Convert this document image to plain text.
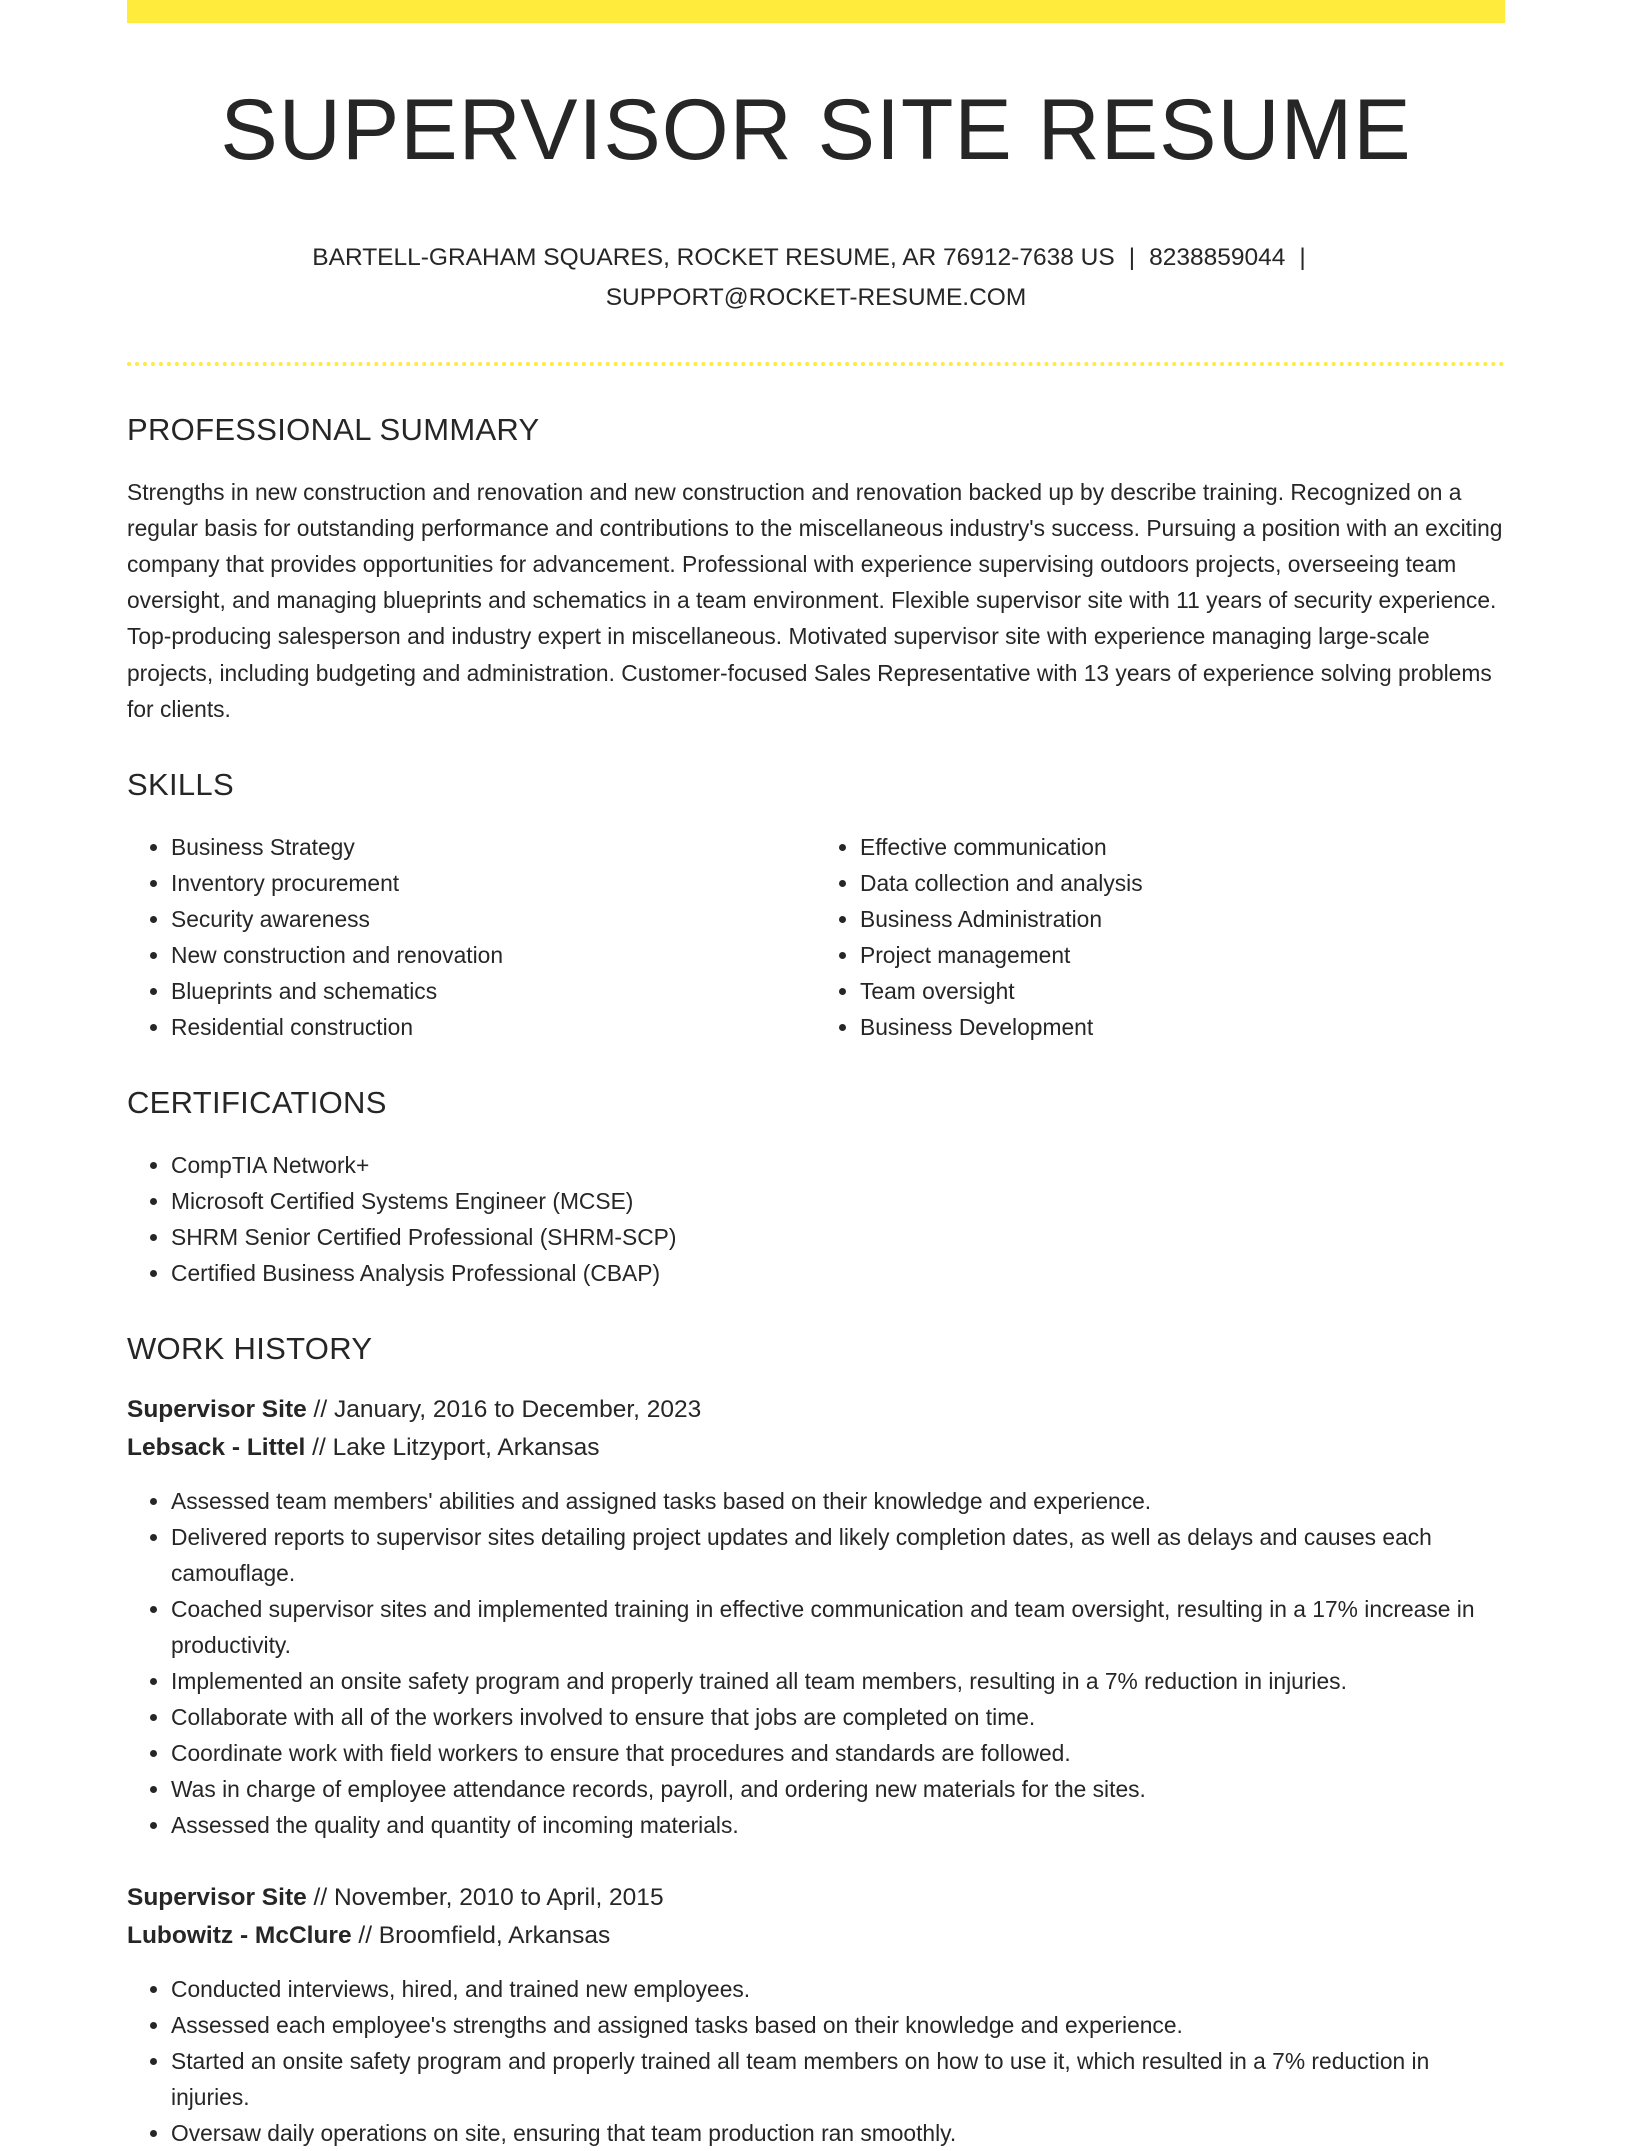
SUPERVISOR SITE RESUME
BARTELL-GRAHAM SQUARES, ROCKET RESUME, AR 76912-7638 US | 8238859044 |
SUPPORT@ROCKET-RESUME.COM
PROFESSIONAL SUMMARY
Strengths in new construction and renovation and new construction and renovation backed up by describe training. Recognized on a regular basis for outstanding performance and contributions to the miscellaneous industry's success. Pursuing a position with an exciting company that provides opportunities for advancement. Professional with experience supervising outdoors projects, overseeing team oversight, and managing blueprints and schematics in a team environment. Flexible supervisor site with 11 years of security experience. Top-producing salesperson and industry expert in miscellaneous. Motivated supervisor site with experience managing large-scale projects, including budgeting and administration. Customer-focused Sales Representative with 13 years of experience solving problems for clients.
SKILLS
• Business Strategy
• Inventory procurement
• Security awareness
• New construction and renovation
• Blueprints and schematics
• Residential construction
• Effective communication
• Data collection and analysis
• Business Administration
• Project management
• Team oversight
• Business Development
CERTIFICATIONS
• CompTIA Network+
• Microsoft Certified Systems Engineer (MCSE)
• SHRM Senior Certified Professional (SHRM-SCP)
• Certified Business Analysis Professional (CBAP)
WORK HISTORY
Supervisor Site // January, 2016 to December, 2023
Lebsack - Littel // Lake Litzyport, Arkansas
• Assessed team members' abilities and assigned tasks based on their knowledge and experience.
• Delivered reports to supervisor sites detailing project updates and likely completion dates, as well as delays and causes each camouflage.
• Coached supervisor sites and implemented training in effective communication and team oversight, resulting in a 17% increase in productivity.
• Implemented an onsite safety program and properly trained all team members, resulting in a 7% reduction in injuries.
• Collaborate with all of the workers involved to ensure that jobs are completed on time.
• Coordinate work with field workers to ensure that procedures and standards are followed.
• Was in charge of employee attendance records, payroll, and ordering new materials for the sites.
• Assessed the quality and quantity of incoming materials.
Supervisor Site // November, 2010 to April, 2015
Lubowitz - McClure // Broomfield, Arkansas
• Conducted interviews, hired, and trained new employees.
• Assessed each employee's strengths and assigned tasks based on their knowledge and experience.
• Started an onsite safety program and properly trained all team members on how to use it, which resulted in a 7% reduction in injuries.
• Oversaw daily operations on site, ensuring that team production ran smoothly.
